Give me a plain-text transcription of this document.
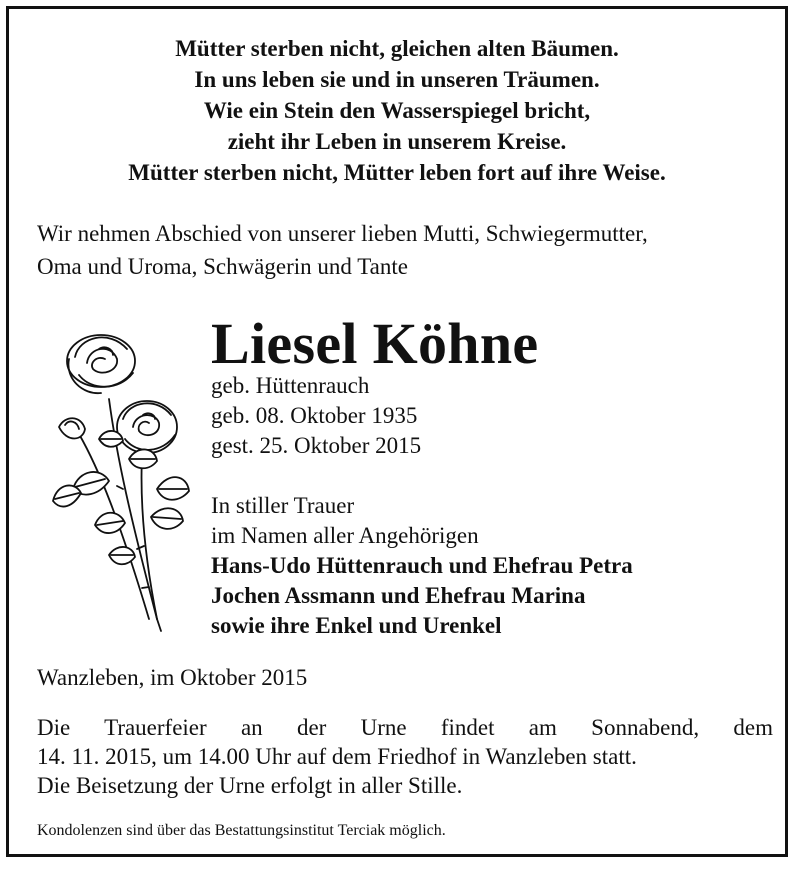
Mütter sterben nicht, gleichen alten Bäumen.
In uns leben sie und in unseren Träumen.
Wie ein Stein den Wasserspiegel bricht,
zieht ihr Leben in unserem Kreise.
Mütter sterben nicht, Mütter leben fort auf ihre Weise.
Wir nehmen Abschied von unserer lieben Mutti, Schwiegermutter,
Oma und Uroma, Schwägerin und Tante
Liesel Köhne
geb. Hüttenrauch
geb. 08. Oktober 1935
gest. 25. Oktober 2015
In stiller Trauer
im Namen aller Angehörigen
Hans-Udo Hüttenrauch und Ehefrau Petra
Jochen Assmann und Ehefrau Marina
sowie ihre Enkel und Urenkel
Wanzleben, im Oktober 2015
Die Trauerfeier an der Urne findet am Sonnabend, dem
14. 11. 2015, um 14.00 Uhr auf dem Friedhof in Wanzleben statt.
Die Beisetzung der Urne erfolgt in aller Stille.
Kondolenzen sind über das Bestattungsinstitut Terciak möglich.
